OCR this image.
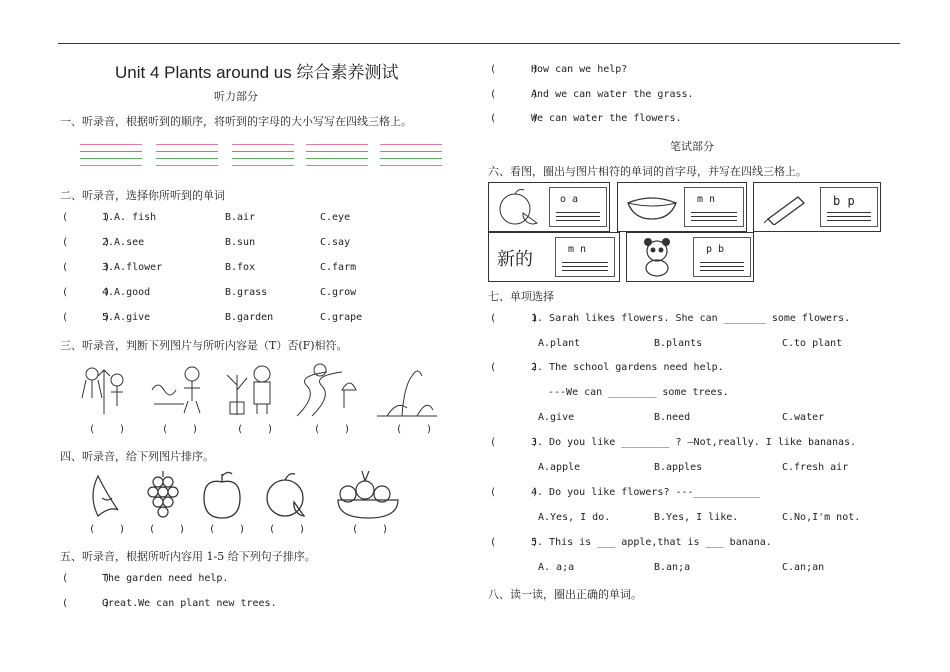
Unit 4 Plants around us 综合素养测试
听力部分
一、听录音，根据听到的顺序，将听到的字母的大小写写在四线三格上。
二、听录音，选择你所听到的单词
(      )
1.A. fish	B.air	C.eye
(      )
2.A.see	B.sun	C.say
(      )
3.A.flower	B.fox	C.farm
(      )
4.A.good	B.grass	C.grow
(      )
5.A.give	B.garden	C.grape
三、听录音，判断下列图片与所听内容是（T）否(F)相符。
(    )	(    )	(    )	(    )	(    )
四、听录音，给下列图片排序。
(    ) (    ) (    ) (    )	(    )
五、听录音，根据所听内容用 1-5 给下列句子排序。
(      )
The garden need help.
(      )
Great.We can plant new trees.
(      )
How can we help?
(      )
And we can water the grass.
(      )
We can water the flowers.
笔试部分
六、看图，圈出与图片相符的单词的首字母，并写在四线三格上。
o a	m n	b p
新的	m n	p b
七、单项选择
(      )
1. Sarah likes flowers. She can _______ some flowers.
A.plant	B.plants	C.to plant
(      )
2. The school gardens need help.
---We can ________ some trees.
A.give	B.need	C.water
(      )
3. Do you like ________ ? —Not,really. I like bananas.
A.apple	B.apples	C.fresh air
(      )
4. Do you like flowers? ---___________
A.Yes, I do.	B.Yes, I like.	C.No,I'm not.
(      )
5. This is ___ apple,that is ___ banana.
A. a;a	B.an;a	C.an;an
八、读一读，圈出正确的单词。
